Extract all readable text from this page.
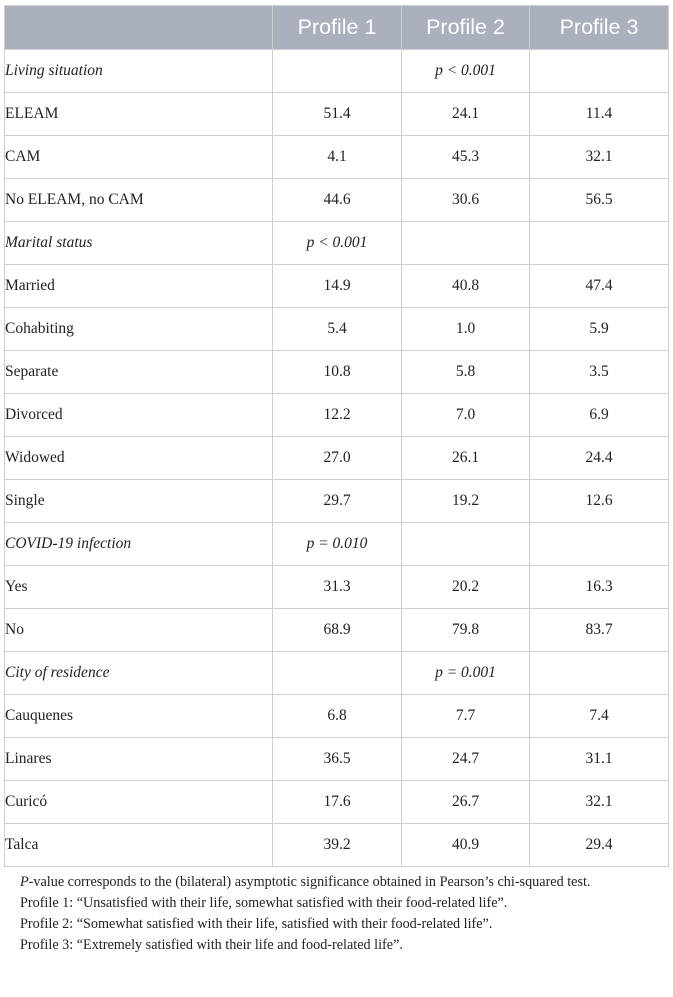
	Profile 1	Profile 2	Profile 3
Living situation		p < 0.001	
ELEAM	51.4	24.1	11.4
CAM	4.1	45.3	32.1
No ELEAM, no CAM	44.6	30.6	56.5
Marital status	p < 0.001		
Married	14.9	40.8	47.4
Cohabiting	5.4	1.0	5.9
Separate	10.8	5.8	3.5
Divorced	12.2	7.0	6.9
Widowed	27.0	26.1	24.4
Single	29.7	19.2	12.6
COVID-19 infection	p = 0.010		
Yes	31.3	20.2	16.3
No	68.9	79.8	83.7
City of residence		p = 0.001	
Cauquenes	6.8	7.7	7.4
Linares	36.5	24.7	31.1
Curicó	17.6	26.7	32.1
Talca	39.2	40.9	29.4

P-value corresponds to the (bilateral) asymptotic significance obtained in Pearson’s chi-squared test.

Profile 1: “Unsatisfied with their life, somewhat satisfied with their food-related life”.

Profile 2: “Somewhat satisfied with their life, satisfied with their food-related life”.

Profile 3: “Extremely satisfied with their life and food-related life”.
